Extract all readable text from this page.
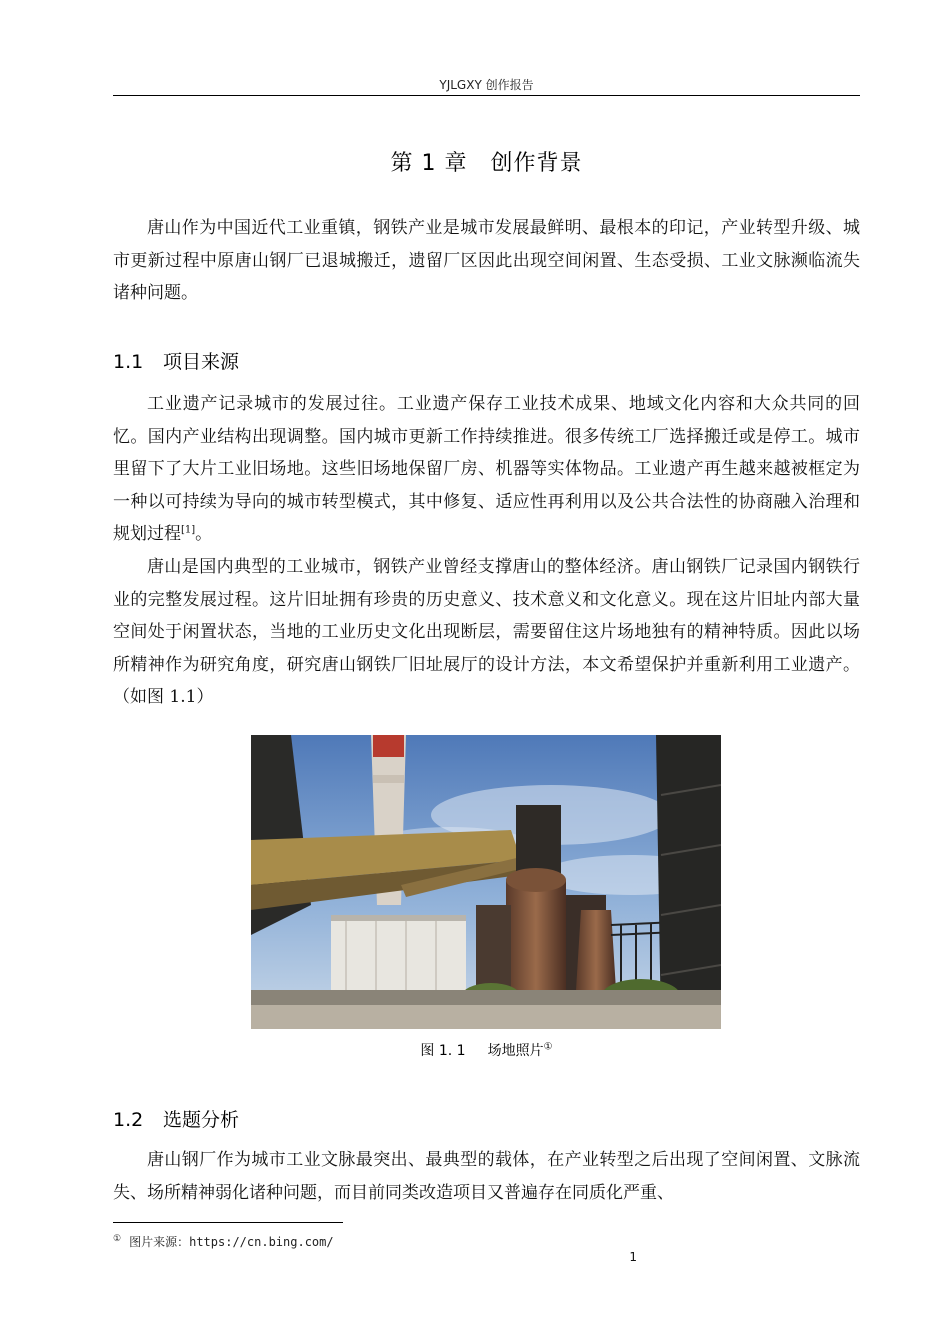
YJLGXY 创作报告
第 1 章　创作背景

唐山作为中国近代工业重镇，钢铁产业是城市发展最鲜明、最根本的印记，产业转型升级、城市更新过程中原唐山钢厂已退城搬迁，遗留厂区因此出现空间闲置、生态受损、工业文脉濒临流失诸种问题。

1.1 项目来源

工业遗产记录城市的发展过往。工业遗产保存工业技术成果、地域文化内容和大众共同的回忆。国内产业结构出现调整。国内城市更新工作持续推进。很多传统工厂选择搬迁或是停工。城市里留下了大片工业旧场地。这些旧场地保留厂房、机器等实体物品。工业遗产再生越来越被框定为一种以可持续为导向的城市转型模式，其中修复、适应性再利用以及公共合法性的协商融入治理和规划过程[1]。

唐山是国内典型的工业城市，钢铁产业曾经支撑唐山的整体经济。唐山钢铁厂记录国内钢铁行业的完整发展过程。这片旧址拥有珍贵的历史意义、技术意义和文化意义。现在这片旧址内部大量空间处于闲置状态，当地的工业历史文化出现断层，需要留住这片场地独有的精神特质。因此以场所精神作为研究角度，研究唐山钢铁厂旧址展厅的设计方法，本文希望保护并重新利用工业遗产。（如图 1.1）

图 1. 1 场地照片①
1.2 选题分析

唐山钢厂作为城市工业文脉最突出、最典型的载体，在产业转型之后出现了空间闲置、文脉流失、场所精神弱化诸种问题，而目前同类改造项目又普遍存在同质化严重、

① 图片来源：https://cn.bing.com/
1
